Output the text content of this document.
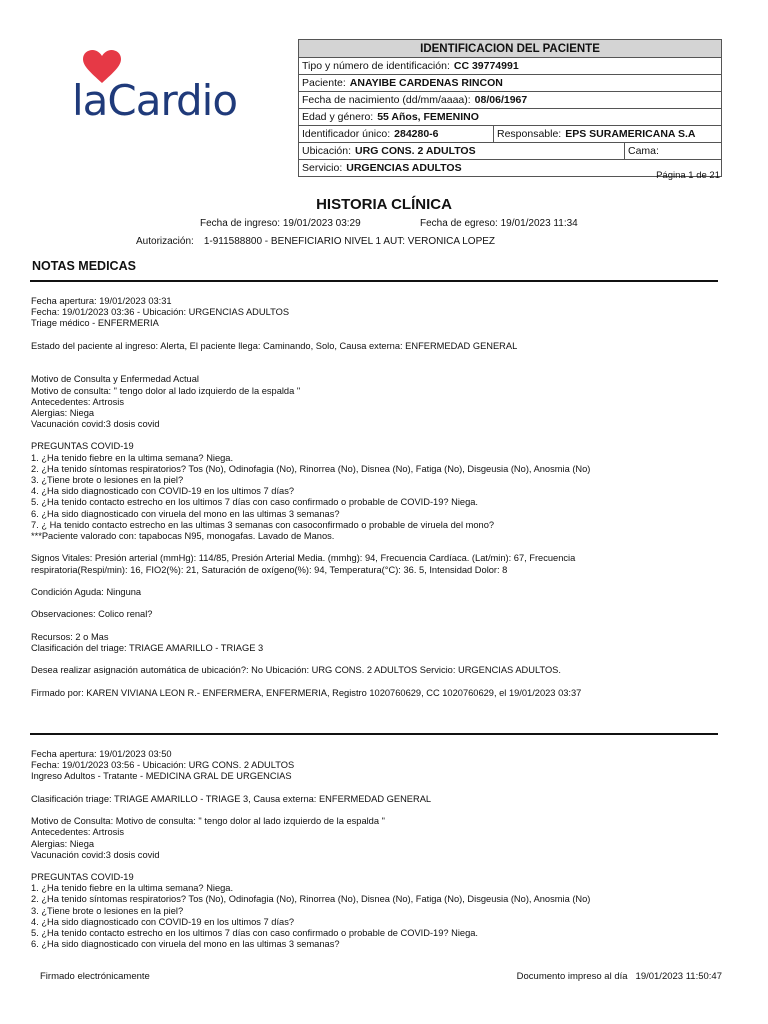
laCardio
IDENTIFICACION DEL PACIENTE		
Tipo y número de identificación: CC 39774991		
Paciente: ANAYIBE CARDENAS RINCON		
Fecha de nacimiento (dd/mm/aaaa): 08/06/1967		
Edad y género: 55 Años, FEMENINO		
Identificador único: 284280-6	Responsable: EPS SURAMERICANA S.A	
Ubicación: URG CONS. 2 ADULTOS		Cama:
Servicio: URGENCIAS ADULTOS		
Página 1 de 21
HISTORIA CLÍNICA
Fecha de ingreso: 19/01/2023 03:29	Fecha de egreso: 19/01/2023 11:34
Autorización: 1-911588800 - BENEFICIARIO NIVEL 1 AUT: VERONICA LOPEZ
NOTAS MEDICAS
Fecha apertura: 19/01/2023 03:31
Fecha: 19/01/2023 03:36 - Ubicación: URGENCIAS ADULTOS
Triage médico - ENFERMERIA
Estado del paciente al ingreso: Alerta, El paciente llega: Caminando, Solo, Causa externa: ENFERMEDAD GENERAL
Motivo de Consulta y Enfermedad Actual
Motivo de consulta: " tengo dolor al lado izquierdo de la espalda "
Antecedentes: Artrosis
Alergias: Niega
Vacunación covid:3 dosis covid
PREGUNTAS COVID-19
1. ¿Ha tenido fiebre en la ultima semana? Niega.
2. ¿Ha tenido síntomas respiratorios? Tos (No), Odinofagia (No), Rinorrea (No), Disnea (No), Fatiga (No), Disgeusia (No), Anosmia (No)
3. ¿Tiene brote o lesiones en la piel?
4. ¿Ha sido diagnosticado con COVID-19 en los ultimos 7 días?
5. ¿Ha tenido contacto estrecho en los ultimos 7 días con caso confirmado o probable de COVID-19? Niega.
6. ¿Ha sido diagnosticado con viruela del mono en las ultimas 3 semanas?
7. ¿ Ha tenido contacto estrecho en las ultimas 3 semanas con casoconfirmado o probable de viruela del mono?
***Paciente valorado con: tapabocas N95, monogafas. Lavado de Manos.
Signos Vitales: Presión arterial (mmHg): 114/85, Presión Arterial Media. (mmhg): 94, Frecuencia Cardíaca. (Lat/min): 67, Frecuencia
respiratoria(Respi/min): 16, FIO2(%): 21, Saturación de oxígeno(%): 94, Temperatura(°C): 36. 5, Intensidad Dolor: 8
Condición Aguda: Ninguna
Observaciones: Colico renal?
Recursos: 2 o Mas
Clasificación del triage: TRIAGE AMARILLO - TRIAGE 3
Desea realizar asignación automática de ubicación?: No Ubicación: URG CONS. 2 ADULTOS Servicio: URGENCIAS ADULTOS.
Firmado por: KAREN VIVIANA LEON R.- ENFERMERA, ENFERMERIA, Registro 1020760629, CC 1020760629, el 19/01/2023 03:37
Fecha apertura: 19/01/2023 03:50
Fecha: 19/01/2023 03:56 - Ubicación: URG CONS. 2 ADULTOS
Ingreso Adultos - Tratante - MEDICINA GRAL DE URGENCIAS
Clasificación triage: TRIAGE AMARILLO - TRIAGE 3, Causa externa: ENFERMEDAD GENERAL
Motivo de Consulta: Motivo de consulta: " tengo dolor al lado izquierdo de la espalda "
Antecedentes: Artrosis
Alergias: Niega
Vacunación covid:3 dosis covid
PREGUNTAS COVID-19
1. ¿Ha tenido fiebre en la ultima semana? Niega.
2. ¿Ha tenido síntomas respiratorios? Tos (No), Odinofagia (No), Rinorrea (No), Disnea (No), Fatiga (No), Disgeusia (No), Anosmia (No)
3. ¿Tiene brote o lesiones en la piel?
4. ¿Ha sido diagnosticado con COVID-19 en los ultimos 7 días?
5. ¿Ha tenido contacto estrecho en los ultimos 7 días con caso confirmado o probable de COVID-19? Niega.
6. ¿Ha sido diagnosticado con viruela del mono en las ultimas 3 semanas?
Firmado electrónicamente	Documento impreso al día 19/01/2023 11:50:47
